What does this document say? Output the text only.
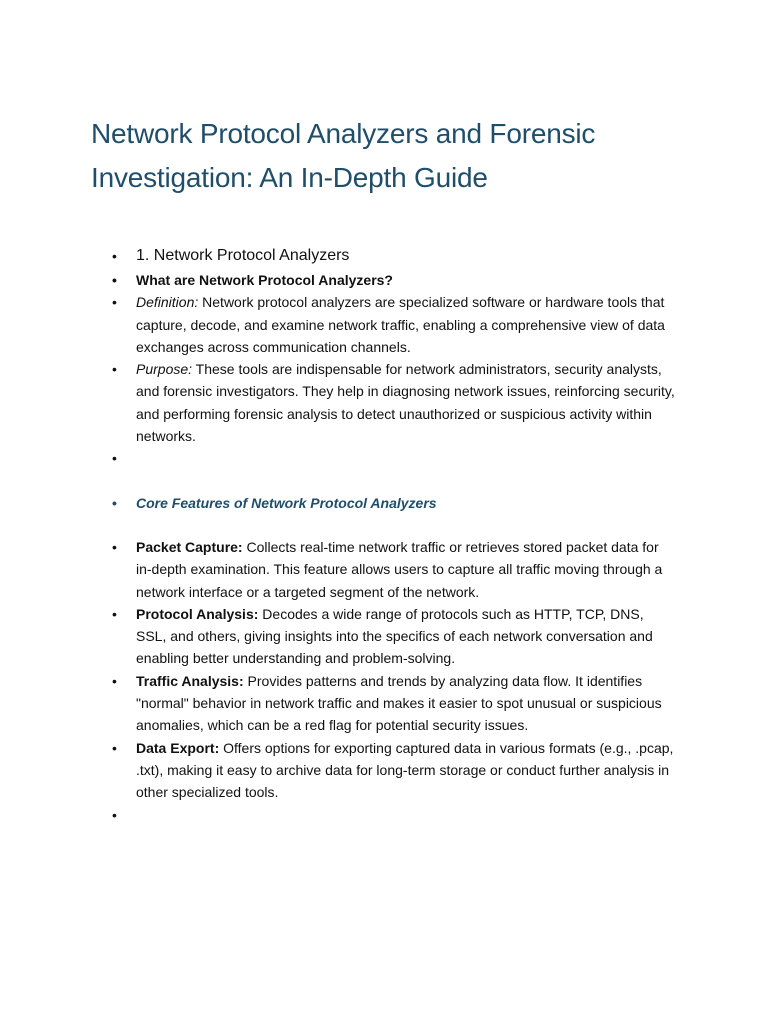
Network Protocol Analyzers and Forensic Investigation: An In-Depth Guide
•	1. Network Protocol Analyzers
•	What are Network Protocol Analyzers?
•	Definition: Network protocol analyzers are specialized software or hardware tools that capture, decode, and examine network traffic, enabling a comprehensive view of data exchanges across communication channels.
•	Purpose: These tools are indispensable for network administrators, security analysts, and forensic investigators. They help in diagnosing network issues, reinforcing security, and performing forensic analysis to detect unauthorized or suspicious activity within networks.
•

•	Core Features of Network Protocol Analyzers
•	Packet Capture: Collects real-time network traffic or retrieves stored packet data for in-depth examination. This feature allows users to capture all traffic moving through a network interface or a targeted segment of the network.
•	Protocol Analysis: Decodes a wide range of protocols such as HTTP, TCP, DNS, SSL, and others, giving insights into the specifics of each network conversation and enabling better understanding and problem-solving.
•	Traffic Analysis: Provides patterns and trends by analyzing data flow. It identifies "normal" behavior in network traffic and makes it easier to spot unusual or suspicious anomalies, which can be a red flag for potential security issues.
•	Data Export: Offers options for exporting captured data in various formats (e.g., .pcap, .txt), making it easy to archive data for long-term storage or conduct further analysis in other specialized tools.
•
